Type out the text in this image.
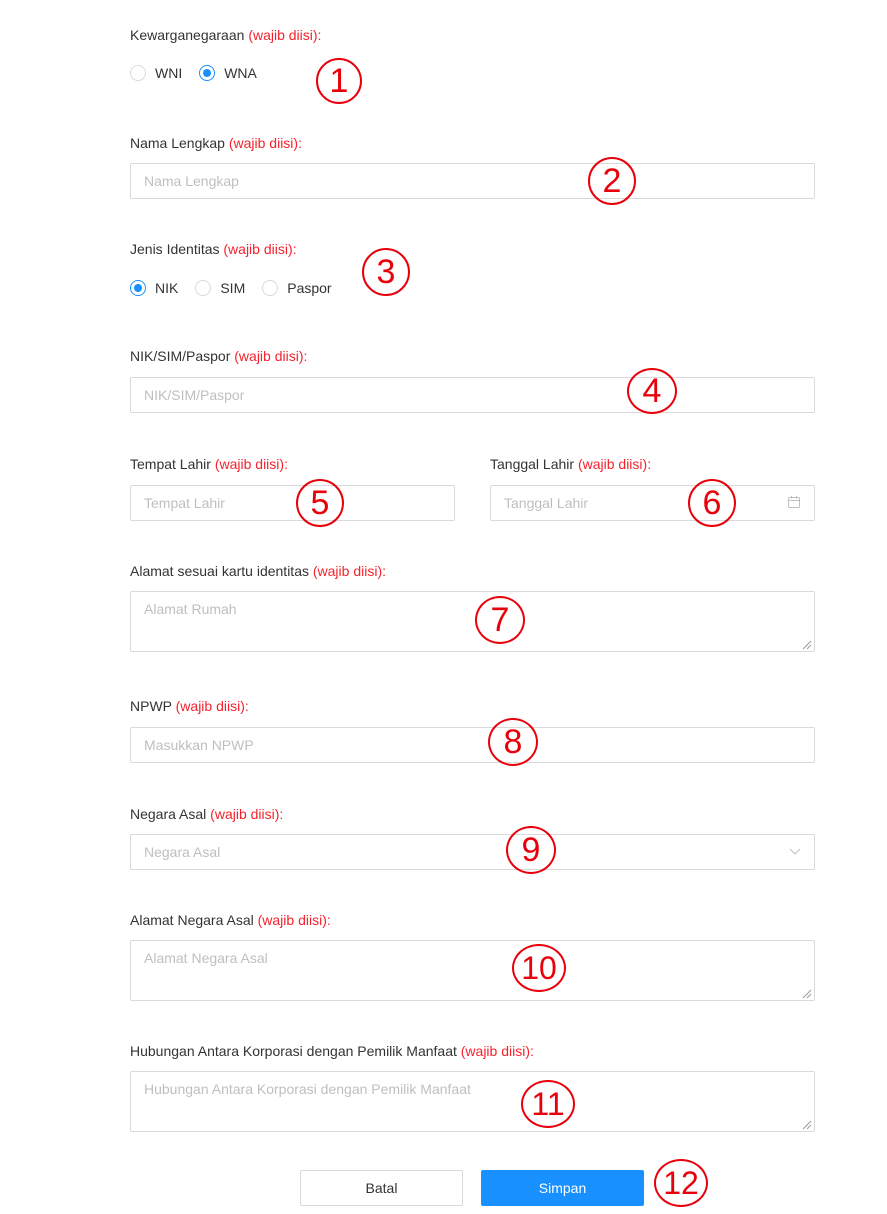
Kewarganegaraan (wajib diisi):
WNI	WNA	1
Nama Lengkap (wajib diisi):
Nama Lengkap
2
Jenis Identitas (wajib diisi):
NIK	SIM	Paspor	3
NIK/SIM/Paspor (wajib diisi):
NIK/SIM/Paspor
4
Tempat Lahir (wajib diisi):
Tempat Lahir
5
Tanggal Lahir (wajib diisi):
Tanggal Lahir
6
Alamat sesuai kartu identitas (wajib diisi):
Alamat Rumah
7
NPWP (wajib diisi):
Masukkan NPWP
8
Negara Asal (wajib diisi):
Negara Asal	9
Alamat Negara Asal (wajib diisi):
Alamat Negara Asal
10
Hubungan Antara Korporasi dengan Pemilik Manfaat (wajib diisi):
Hubungan Antara Korporasi dengan Pemilik Manfaat
11
Batal	Simpan	12
